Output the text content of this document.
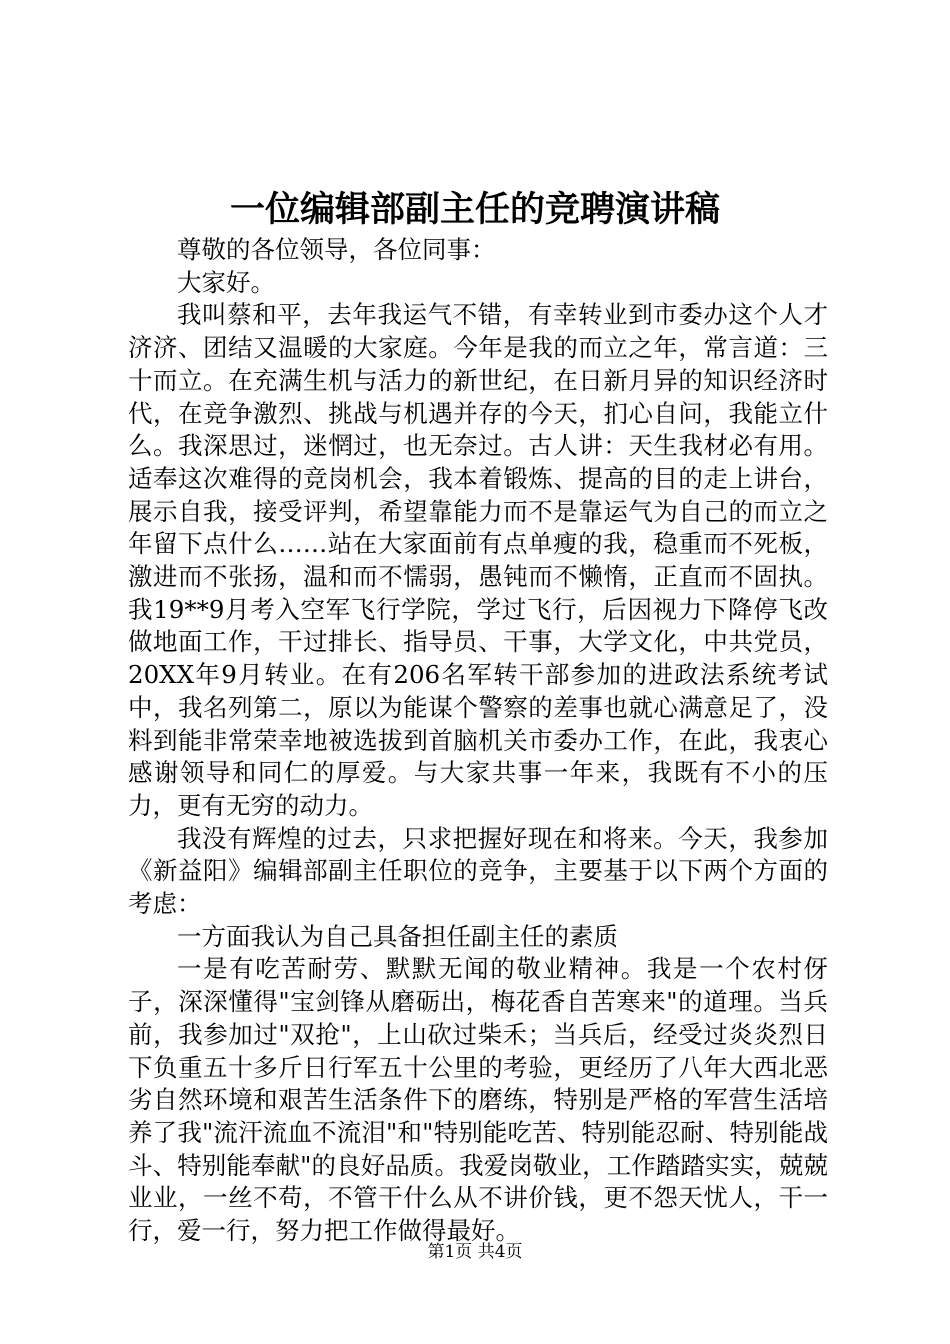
一位编辑部副主任的竞聘演讲稿

尊敬的各位领导，各位同事：

大家好。

我叫蔡和平，去年我运气不错，有幸转业到市委办这个人才济济、团结又温暖的大家庭。今年是我的而立之年，常言道：三十而立。在充满生机与活力的新世纪，在日新月异的知识经济时代，在竞争激烈、挑战与机遇并存的今天，扪心自问，我能立什么。我深思过，迷惘过，也无奈过。古人讲：天生我材必有用。适奉这次难得的竞岗机会，我本着锻炼、提高的目的走上讲台，展示自我，接受评判，希望靠能力而不是靠运气为自己的而立之年留下点什么……站在大家面前有点单瘦的我，稳重而不死板，激进而不张扬，温和而不懦弱，愚钝而不懒惰，正直而不固执。我19**9月考入空军飞行学院，学过飞行，后因视力下降停飞改做地面工作，干过排长、指导员、干事，大学文化，中共党员，20XX年9月转业。在有206名军转干部参加的进政法系统考试中，我名列第二，原以为能谋个警察的差事也就心满意足了，没料到能非常荣幸地被选拔到首脑机关市委办工作，在此，我衷心感谢领导和同仁的厚爱。与大家共事一年来，我既有不小的压力，更有无穷的动力。

我没有辉煌的过去，只求把握好现在和将来。今天，我参加《新益阳》编辑部副主任职位的竞争，主要基于以下两个方面的考虑：

一方面我认为自己具备担任副主任的素质

一是有吃苦耐劳、默默无闻的敬业精神。我是一个农村伢子，深深懂得"宝剑锋从磨砺出，梅花香自苦寒来"的道理。当兵前，我参加过"双抢"，上山砍过柴禾；当兵后，经受过炎炎烈日下负重五十多斤日行军五十公里的考验，更经历了八年大西北恶劣自然环境和艰苦生活条件下的磨练，特别是严格的军营生活培养了我"流汗流血不流泪"和"特别能吃苦、特别能忍耐、特别能战斗、特别能奉献"的良好品质。我爱岗敬业，工作踏踏实实，兢兢业业，一丝不苟，不管干什么从不讲价钱，更不怨天忧人，干一行，爱一行，努力把工作做得最好。

第1页 共4页
